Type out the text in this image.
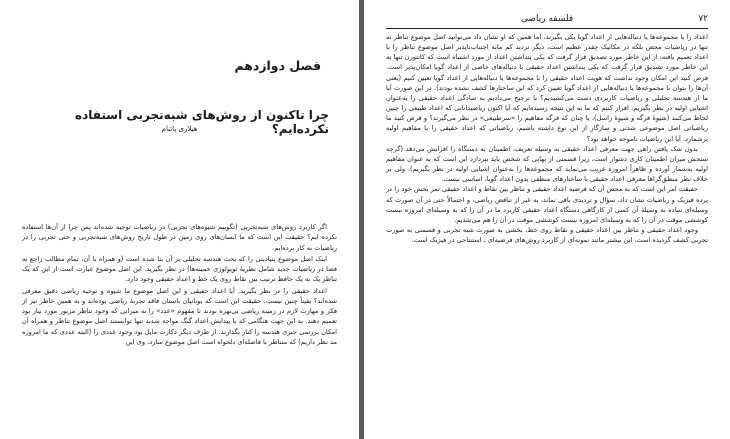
فصل دوازدهم
چرا تاکنون از روش‌های شبه‌تجربی استفاده نکرده‌ایم؟
هیلاری پاتنام

اگر کاربرد روش‌های شبه‌تجربی (نگوییم شیوه‌های تجربی) در ریاضیات توجیه شده‌اند پس چرا از آن‌ها استفاده نکرده ایم؟ حقیقت این است که ما انسان‌های روی زمین در طول تاریخ روش‌های شبه‌تجربی و حتی تجربی را در ریاضیات به کار برده‌ایم.

اینک اصل موضوع بنیادینی را که بحث هندسه تحلیلی بر آن بنا شده است (و همراه با آن، تمام مطالب راجع به فضا در ریاضیات جدید شامل نظریهٔ توپولوژی خمینه‌ها) در نظر بگیرید. این اصل موضوع عبارت است از این که یک تناظر یک به یک حافظ ترتیب بین نقاط روی یک خط و اعداد حقیقی وجود دارد.

اعداد حقیقی را در نظر بگیرید. آیا اعداد حقیقی و این اصل موضوع ما شیوه و توجیه ریاضی دقیق معرفی شده‌اند؟ یقیناً چنین نیست. حقیقت این است که یونانیان باستان فاقد تجربهٔ ریاضی بوده‌اند و به همین خاطر نیز از فکر و مهارت لازم در زمینه ریاضی بی‌بهره بودند تا مفهوم «عدد» را به میزانی که وجود تناظر مزبور مورد نیاز بود تعمیم دهند. به این جهت هنگامی که با پیدایش اعداد گنگ مواجه شدند تنها توانستند اصل موضوع تناظر و همراه آن امکان بررسی جبری هندسه را کنار بگذارند. از طرف دیگر دکارت مایل بود وجود عددی را (البته عددی که ما امروزه مد نظر داریم) که متناظر با فاصله‌ای دلخواه است اصل موضوع سازد. وی این

۷۲
فلسفه ریاضی

اعداد را با مجموعه‌ها یا دنباله‌هایی از اعداد گویا یکی بگیرند. اما همین که او نشان داد می‌توانید اصل موضوع تناظر نه تنها در ریاضیات محض بلکه در مکانیک چقدر عظیم است، دیگر تردید کم مایه اجتناب‌ناپذیر اصل موضوع تناظر را با اعداد تعمیم یافته، از این خاطر مورد تصدیق قرار گرفت که یکی پنداشتن اعداد از مورد اشتباه است که کانتورن تنها به این خاطر مورد تصدیق قرار گرفت که یکی پنداشتن اعداد حقیقی با دنباله‌های خاصی از اعداد گویا امکان‌پذیر است. فرض کنید این امکان وجود نداشت که هویت اعداد حقیقی را با مجموعه‌ها یا دنباله‌هایی از اعداد گویا تعیین کنیم (یعنی آن‌ها را بتوان با مجموعه‌ها یا دنباله‌هایی از اعداد گویا تعیین کرد که این ساختارها کشف نشده بودند). در این صورت آیا ما از هندسه تحلیلی و ریاضیات کاربردی دست می‌کشیدیم؟ یا ترجیح می‌دادیم به سادگی اعداد حقیقی را به‌عنوان اشیایی اولیه در نظر بگیریم، اقرار کنیم که ما به این نتیجه رسیده‌ایم که آیا اکنون ریاضیدانانی که اعداد طبیعی را چنین لحاظ می‌کنند (شیوهٔ فرگه و شیوهٔ راسل)، یا چنان که فرگه مفاهیم را «سرطبیعی» در نظر می‌گیرند؟ و فرض کنید ما ریاضیاتی اصل موضوعی شدتی و سازگار از این نوع داشته باشیم، ریاضیاتی که اعداد حقیقی را با مفاهیم اولیه برشمارد. آیا این ریاضیات ناموجه خواهد بود؟

بدون شک یافتن راهی جهت معرفی اعداد حقیقی به وسیله تعریف، اطمینان به دستگاه را افزایش می‌دهد (گرچه سنجش میزان اطمینان کاری دشوار است، زیرا قسمتی از بهایی که شخص باید بپردازد این است که به عنوان مفاهیم اولیه به‌شمار آورده و ظاهراً امروزه غریب می‌نماید که مجموعه‌ها را به‌عنوان اشیایی اولیه در نظر بگیریم). ولی بر خلاف نظر منطق‌گراها معرفی اعداد حقیقی با ساختارهای منطقی بدون اعداد گویا، اساسی نیست.

حقیقت امر این است که به محض آن که فرضیه اعداد حقیقی و تناظر بین نقاط و اعداد حقیقی ثمر بخش خود را در پرده فیزیک و ریاضیات نشان داد، سؤال و تردیدی باقی نماند، به غیر از تناقض ریاضی، و احتمالاً حتی در آن صورت که وسیله‌ای ساده به وسیلهٔ آن کسی از کارگاهی دستگاه اعداد حقیقی کاربرد ما در آن را که به وسیله‌ای امروزه نیست کوششی موقت در آن را که به وسیله‌ای امروزه نیست کوششی موقت در آن را هم می‌شدیم.

وجود اعداد حقیقی و تناظر بین اعداد حقیقی و نقاط روی خط، بخشی به صورت شبه تجربی و قسمتی به صورت تجربی کشف گردیده است. این بیشتر مانند نمونه‌ای از کاربرد روش‌های فرضیه‌ای ـ استنتاجی در فیزیک است.
